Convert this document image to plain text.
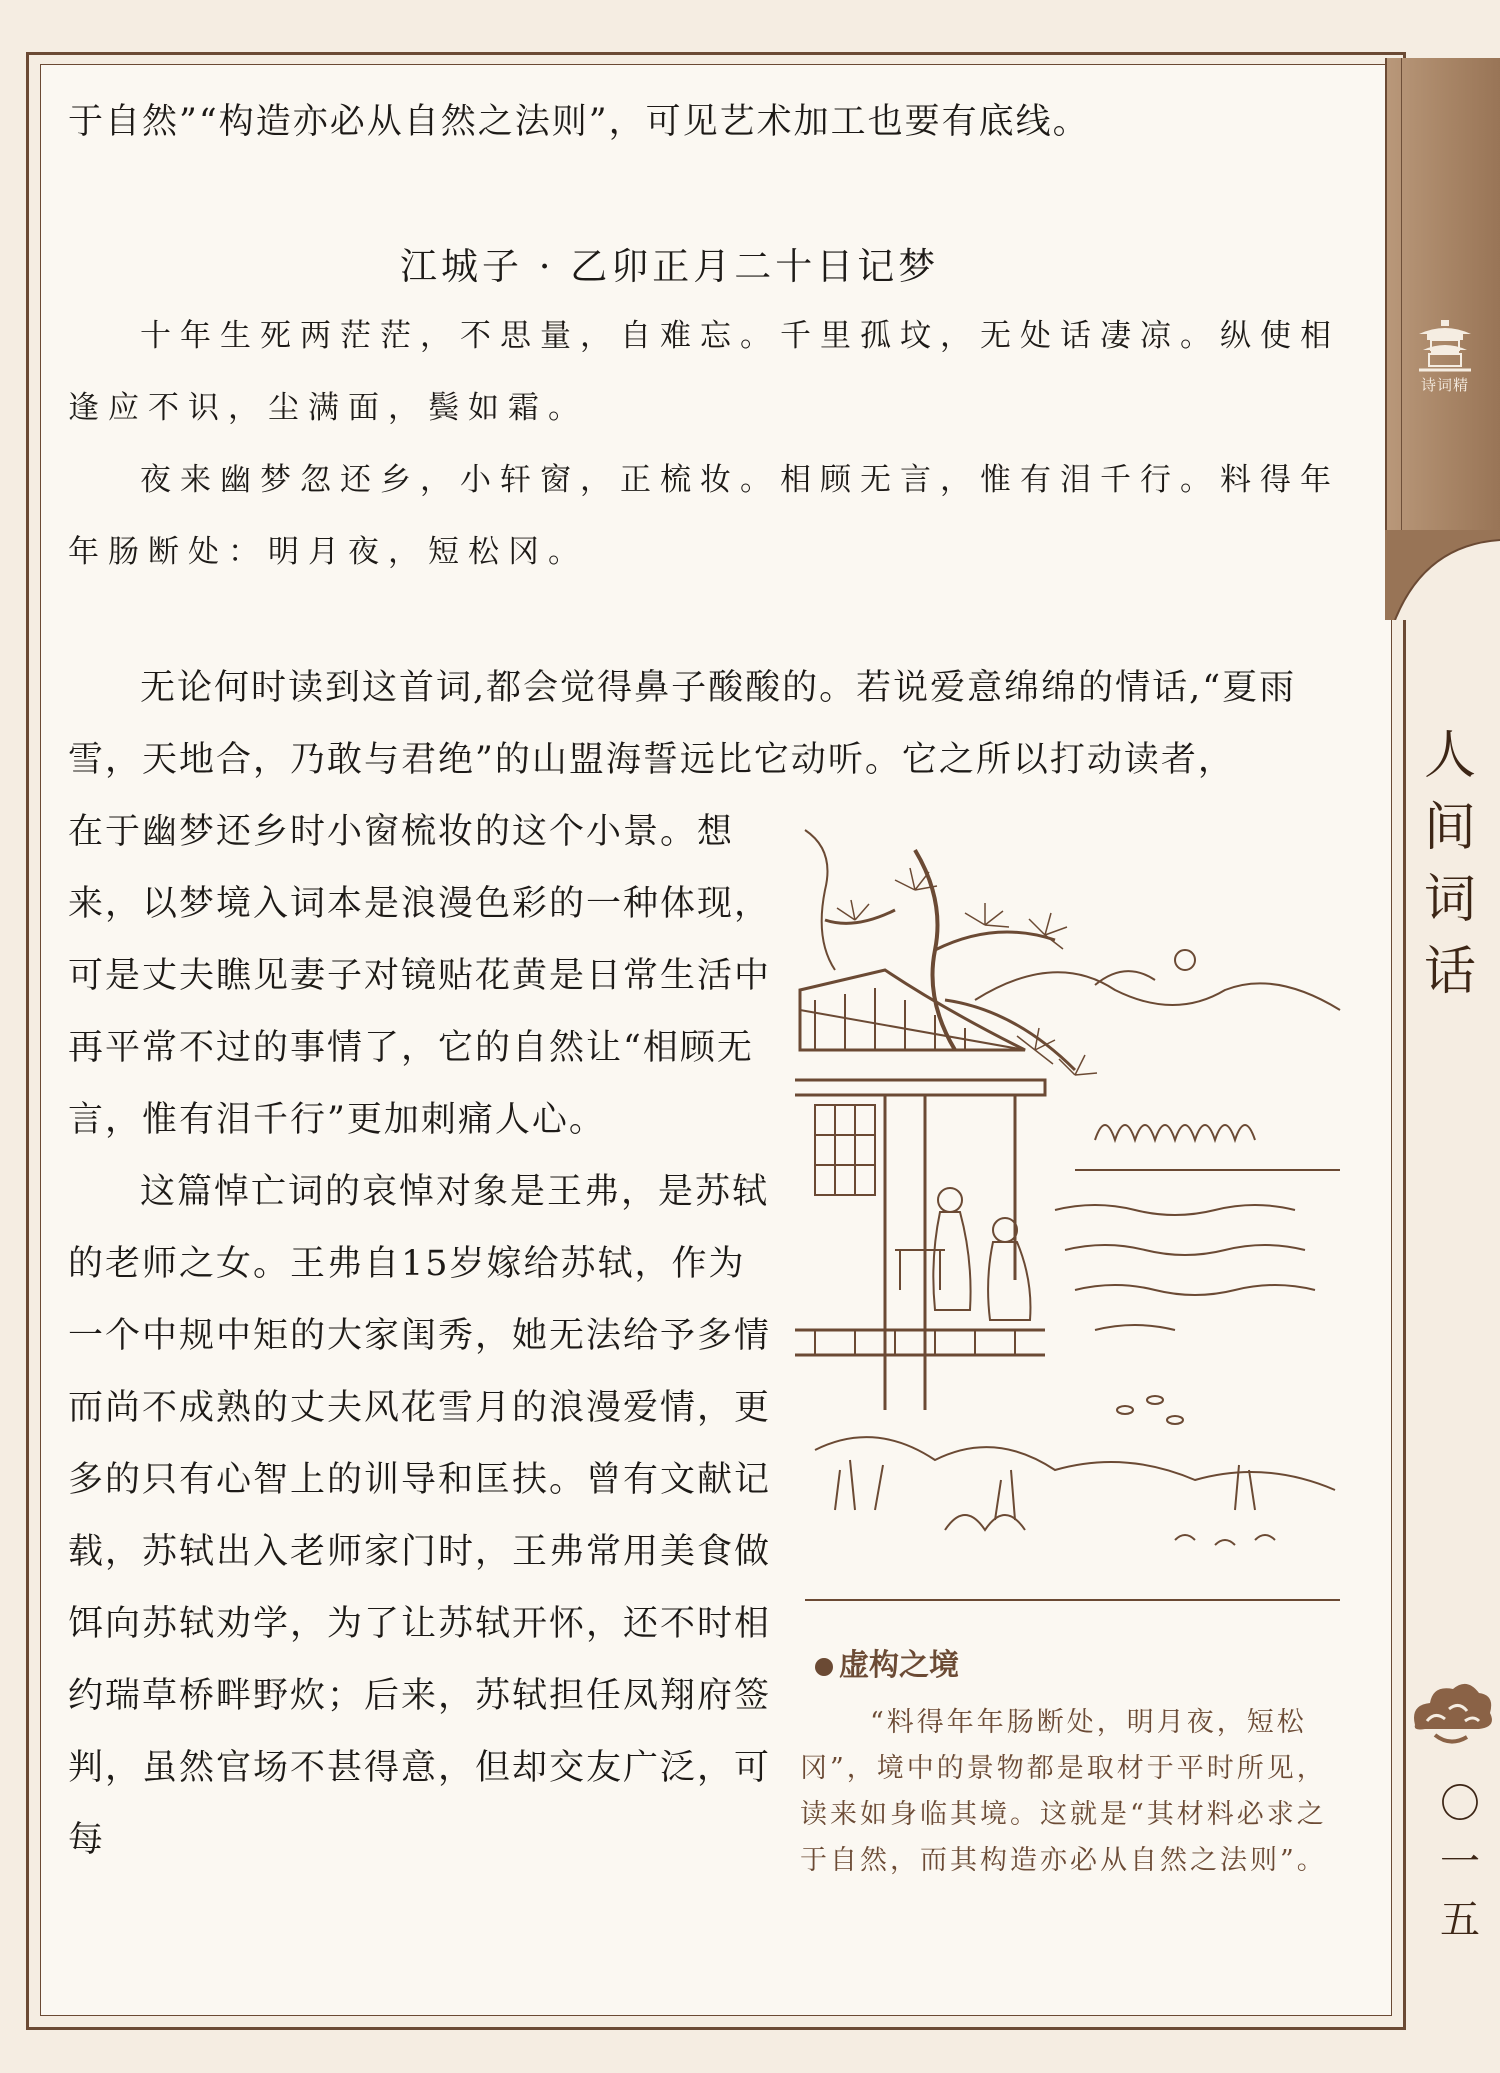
诗词精
人
间
词
话
〇
一
五
于自然”“构造亦必从自然之法则”，可见艺术加工也要有底线。
江城子 · 乙卯正月二十日记梦

十年生死两茫茫，不思量，自难忘。千里孤坟，无处话凄凉。纵使相逢应不识，尘满面，鬓如霜。

夜来幽梦忽还乡，小轩窗，正梳妆。相顾无言，惟有泪千行。料得年年肠断处：明月夜，短松冈。

无论何时读到这首词,都会觉得鼻子酸酸的。若说爱意绵绵的情话,“夏雨雪，天地合，乃敢与君绝”的山盟海誓远比它动听。它之所以打动读者，

在于幽梦还乡时小窗梳妆的这个小景。想来，以梦境入词本是浪漫色彩的一种体现，可是丈夫瞧见妻子对镜贴花黄是日常生活中再平常不过的事情了，它的自然让“相顾无言，惟有泪千行”更加刺痛人心。

这篇悼亡词的哀悼对象是王弗，是苏轼的老师之女。王弗自15岁嫁给苏轼，作为一个中规中矩的大家闺秀，她无法给予多情而尚不成熟的丈夫风花雪月的浪漫爱情，更多的只有心智上的训导和匡扶。曾有文献记载，苏轼出入老师家门时，王弗常用美食做饵向苏轼劝学，为了让苏轼开怀，还不时相约瑞草桥畔野炊；后来，苏轼担任凤翔府签判，虽然官场不甚得意，但却交友广泛，可每

虚构之境

“料得年年肠断处，明月夜，短松冈”，境中的景物都是取材于平时所见，读来如身临其境。这就是“其材料必求之于自然，而其构造亦必从自然之法则”。
